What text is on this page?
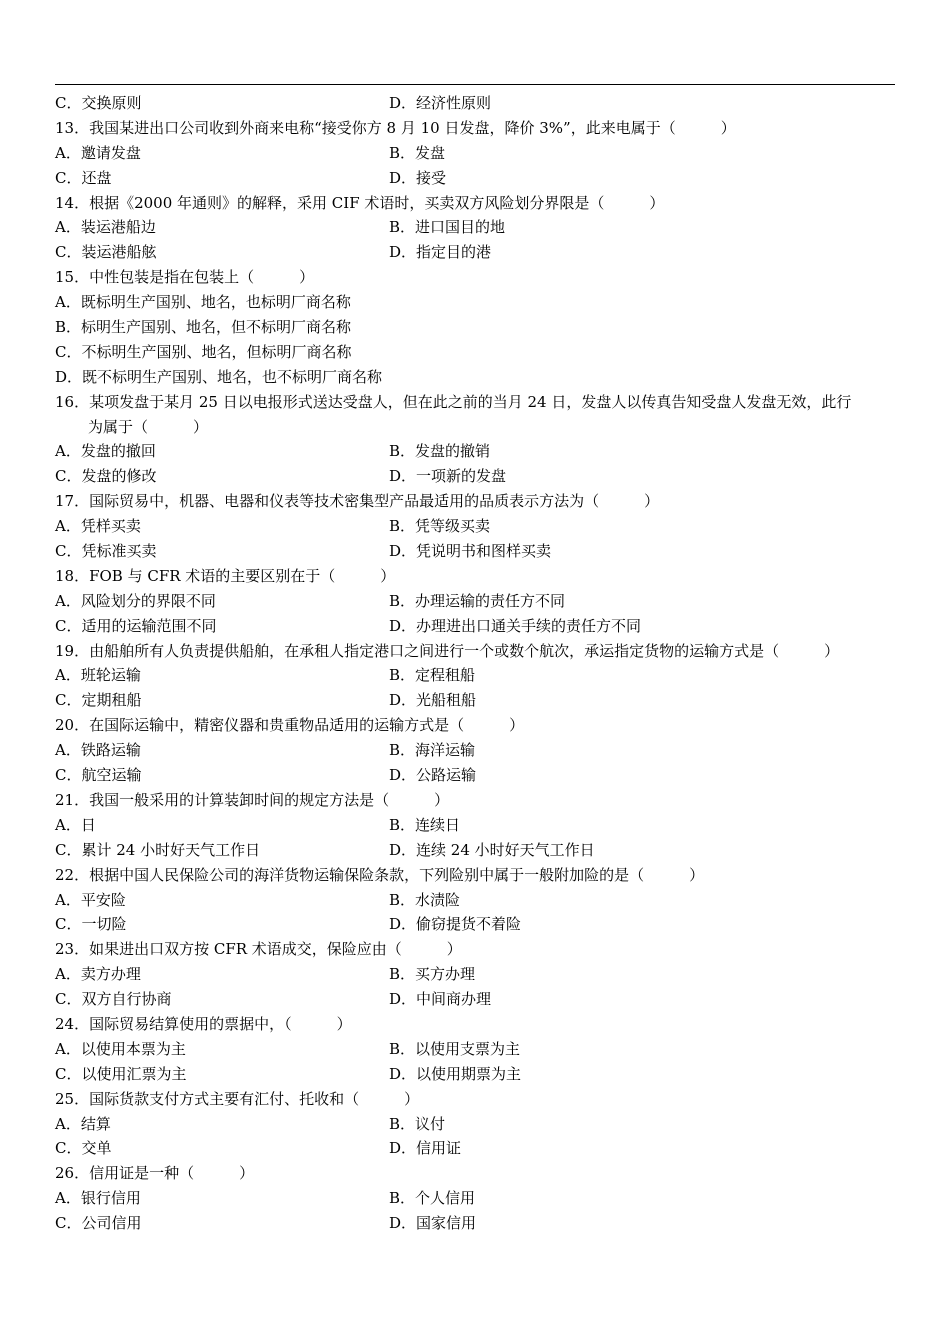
C．交换原则	D．经济性原则
13．我国某进出口公司收到外商来电称“接受你方 8 月 10 日发盘，降价 3%”，此来电属于（　　　）
A．邀请发盘	B．发盘
C．还盘	D．接受
14．根据《2000 年通则》的解释，采用 CIF 术语时，买卖双方风险划分界限是（　　　）
A．装运港船边	B．进口国目的地
C．装运港船舷	D．指定目的港
15．中性包装是指在包装上（　　　）
A．既标明生产国别、地名，也标明厂商名称
B．标明生产国别、地名，但不标明厂商名称
C．不标明生产国别、地名，但标明厂商名称
D．既不标明生产国别、地名，也不标明厂商名称
16．某项发盘于某月 25 日以电报形式送达受盘人，但在此之前的当月 24 日，发盘人以传真告知受盘人发盘无效，此行
为属于（　　　）
A．发盘的撤回	B．发盘的撤销
C．发盘的修改	D．一项新的发盘
17．国际贸易中，机器、电器和仪表等技术密集型产品最适用的品质表示方法为（　　　）
A．凭样买卖	B．凭等级买卖
C．凭标准买卖	D．凭说明书和图样买卖
18．FOB 与 CFR 术语的主要区别在于（　　　）
A．风险划分的界限不同	B．办理运输的责任方不同
C．适用的运输范围不同	D．办理进出口通关手续的责任方不同
19．由船舶所有人负责提供船舶，在承租人指定港口之间进行一个或数个航次，承运指定货物的运输方式是（　　　）
A．班轮运输	B．定程租船
C．定期租船	D．光船租船
20．在国际运输中，精密仪器和贵重物品适用的运输方式是（　　　）
A．铁路运输	B．海洋运输
C．航空运输	D．公路运输
21．我国一般采用的计算装卸时间的规定方法是（　　　）
A．日	B．连续日
C．累计 24 小时好天气工作日	D．连续 24 小时好天气工作日
22．根据中国人民保险公司的海洋货物运输保险条款，下列险别中属于一般附加险的是（　　　）
A．平安险	B．水渍险
C．一切险	D．偷窃提货不着险
23．如果进出口双方按 CFR 术语成交，保险应由（　　　）
A．卖方办理	B．买方办理
C．双方自行协商	D．中间商办理
24．国际贸易结算使用的票据中，（　　　）
A．以使用本票为主	B．以使用支票为主
C．以使用汇票为主	D．以使用期票为主
25．国际货款支付方式主要有汇付、托收和（　　　）
A．结算	B．议付
C．交单	D．信用证
26．信用证是一种（　　　）
A．银行信用	B．个人信用
C．公司信用	D．国家信用
